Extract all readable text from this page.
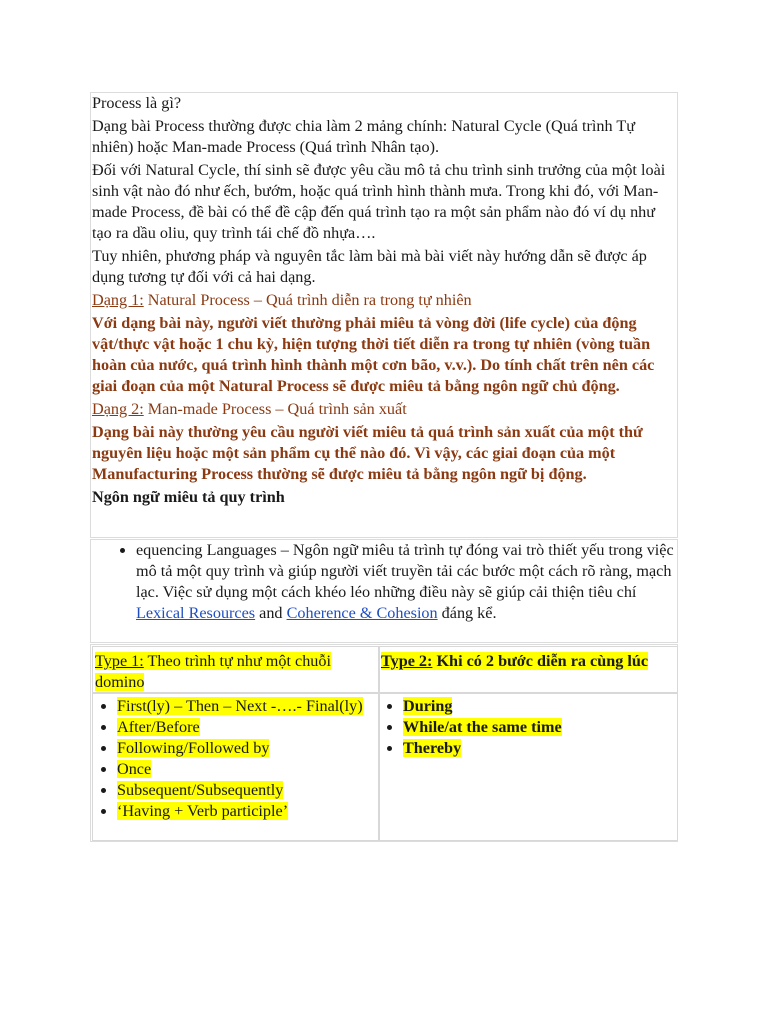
Process là gì?

Dạng bài Process thường được chia làm 2 mảng chính: Natural Cycle (Quá trình Tự nhiên) hoặc Man-made Process (Quá trình Nhân tạo).

Đối với Natural Cycle, thí sinh sẽ được yêu cầu mô tả chu trình sinh trưởng của một loài sinh vật nào đó như ếch, bướm, hoặc quá trình hình thành mưa. Trong khi đó, với Man-made Process, đề bài có thể đề cập đến quá trình tạo ra một sản phẩm nào đó ví dụ như tạo ra dầu oliu, quy trình tái chế đồ nhựa….

Tuy nhiên, phương pháp và nguyên tắc làm bài mà bài viết này hướng dẫn sẽ được áp dụng tương tự đối với cả hai dạng.

Dạng 1: Natural Process – Quá trình diễn ra trong tự nhiên

Với dạng bài này, người viết thường phải miêu tả vòng đời (life cycle) của động vật/thực vật hoặc 1 chu kỳ, hiện tượng thời tiết diễn ra trong tự nhiên (vòng tuần hoàn của nước, quá trình hình thành một cơn bão, v.v.). Do tính chất trên nên các giai đoạn của một Natural Process sẽ được miêu tả bằng ngôn ngữ chủ động.

Dạng 2: Man-made Process – Quá trình sản xuất

Dạng bài này thường yêu cầu người viết miêu tả quá trình sản xuất của một thứ nguyên liệu hoặc một sản phẩm cụ thể nào đó. Vì vậy, các giai đoạn của một Manufacturing Process thường sẽ được miêu tả bằng ngôn ngữ bị động.

Ngôn ngữ miêu tả quy trình

• equencing Languages – Ngôn ngữ miêu tả trình tự đóng vai trò thiết yếu trong việc mô tả một quy trình và giúp người viết truyền tải các bước một cách rõ ràng, mạch lạc. Việc sử dụng một cách khéo léo những điều này sẽ giúp cải thiện tiêu chí Lexical Resources and Coherence & Cohesion đáng kể.
Type 1: Theo trình tự như một chuỗi domino
Type 2: Khi có 2 bước diễn ra cùng lúc
• First(ly) – Then – Next -….- Final(ly)
• After/Before
• Following/Followed by
• Once
• Subsequent/Subsequently
• ‘Having + Verb participle’
• During
• While/at the same time
• Thereby
